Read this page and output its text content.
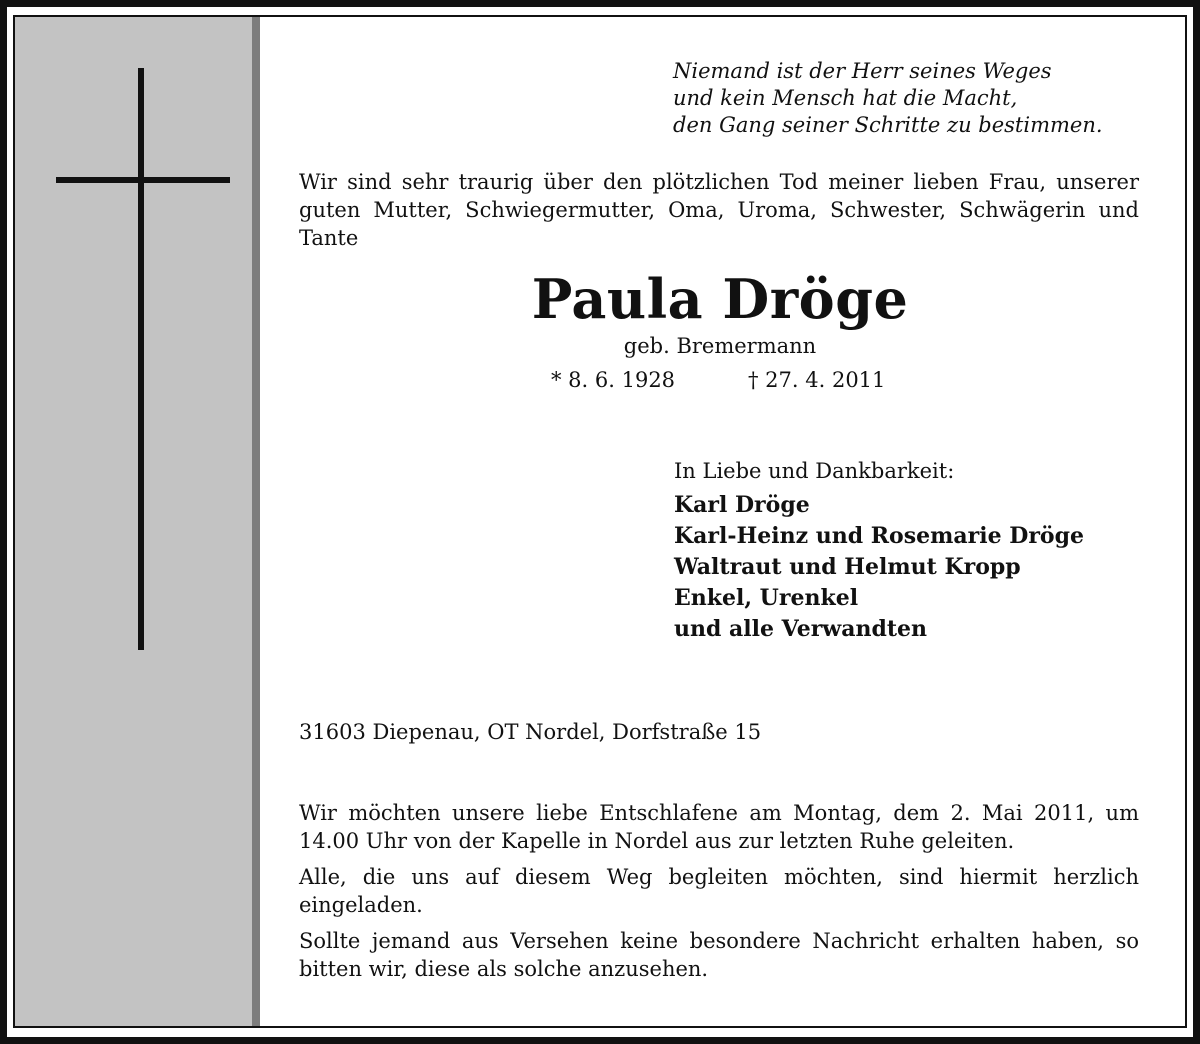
Niemand ist der Herr seines Weges
und kein Mensch hat die Macht,
den Gang seiner Schritte zu bestimmen.
Wir sind sehr traurig über den plötzlichen Tod meiner lieben Frau, unserer guten Mutter, Schwiegermutter, Oma, Uroma, Schwester, Schwägerin und Tante
Paula Dröge
geb. Bremermann
* 8. 6. 1928	† 27. 4. 2011
In Liebe und Dankbarkeit:
Karl Dröge
Karl-Heinz und Rosemarie Dröge
Waltraut und Helmut Kropp
Enkel, Urenkel
und alle Verwandten
31603 Diepenau, OT Nordel, Dorfstraße 15

Wir möchten unsere liebe Entschlafene am Montag, dem 2. Mai 2011, um 14.00 Uhr von der Kapelle in Nordel aus zur letzten Ruhe geleiten.

Alle, die uns auf diesem Weg begleiten möchten, sind hiermit herzlich eingeladen.

Sollte jemand aus Versehen keine besondere Nachricht erhalten haben, so bitten wir, diese als solche anzusehen.
